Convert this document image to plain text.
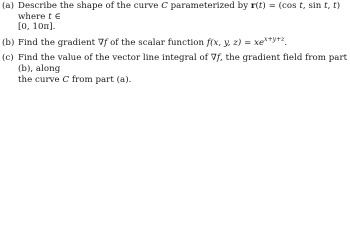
(a) Describe the shape of the curve C parameterized by r(t) = (cos t, sin t, t) where t ∈
[0, 10π].
(b) Find the gradient ∇f of the scalar function f(x, y, $z) = xe^{x+y+z}$.
(c) Find the value of the vector line integral of ∇f, the gradient field from part (b), along
the curve C from part (a).
